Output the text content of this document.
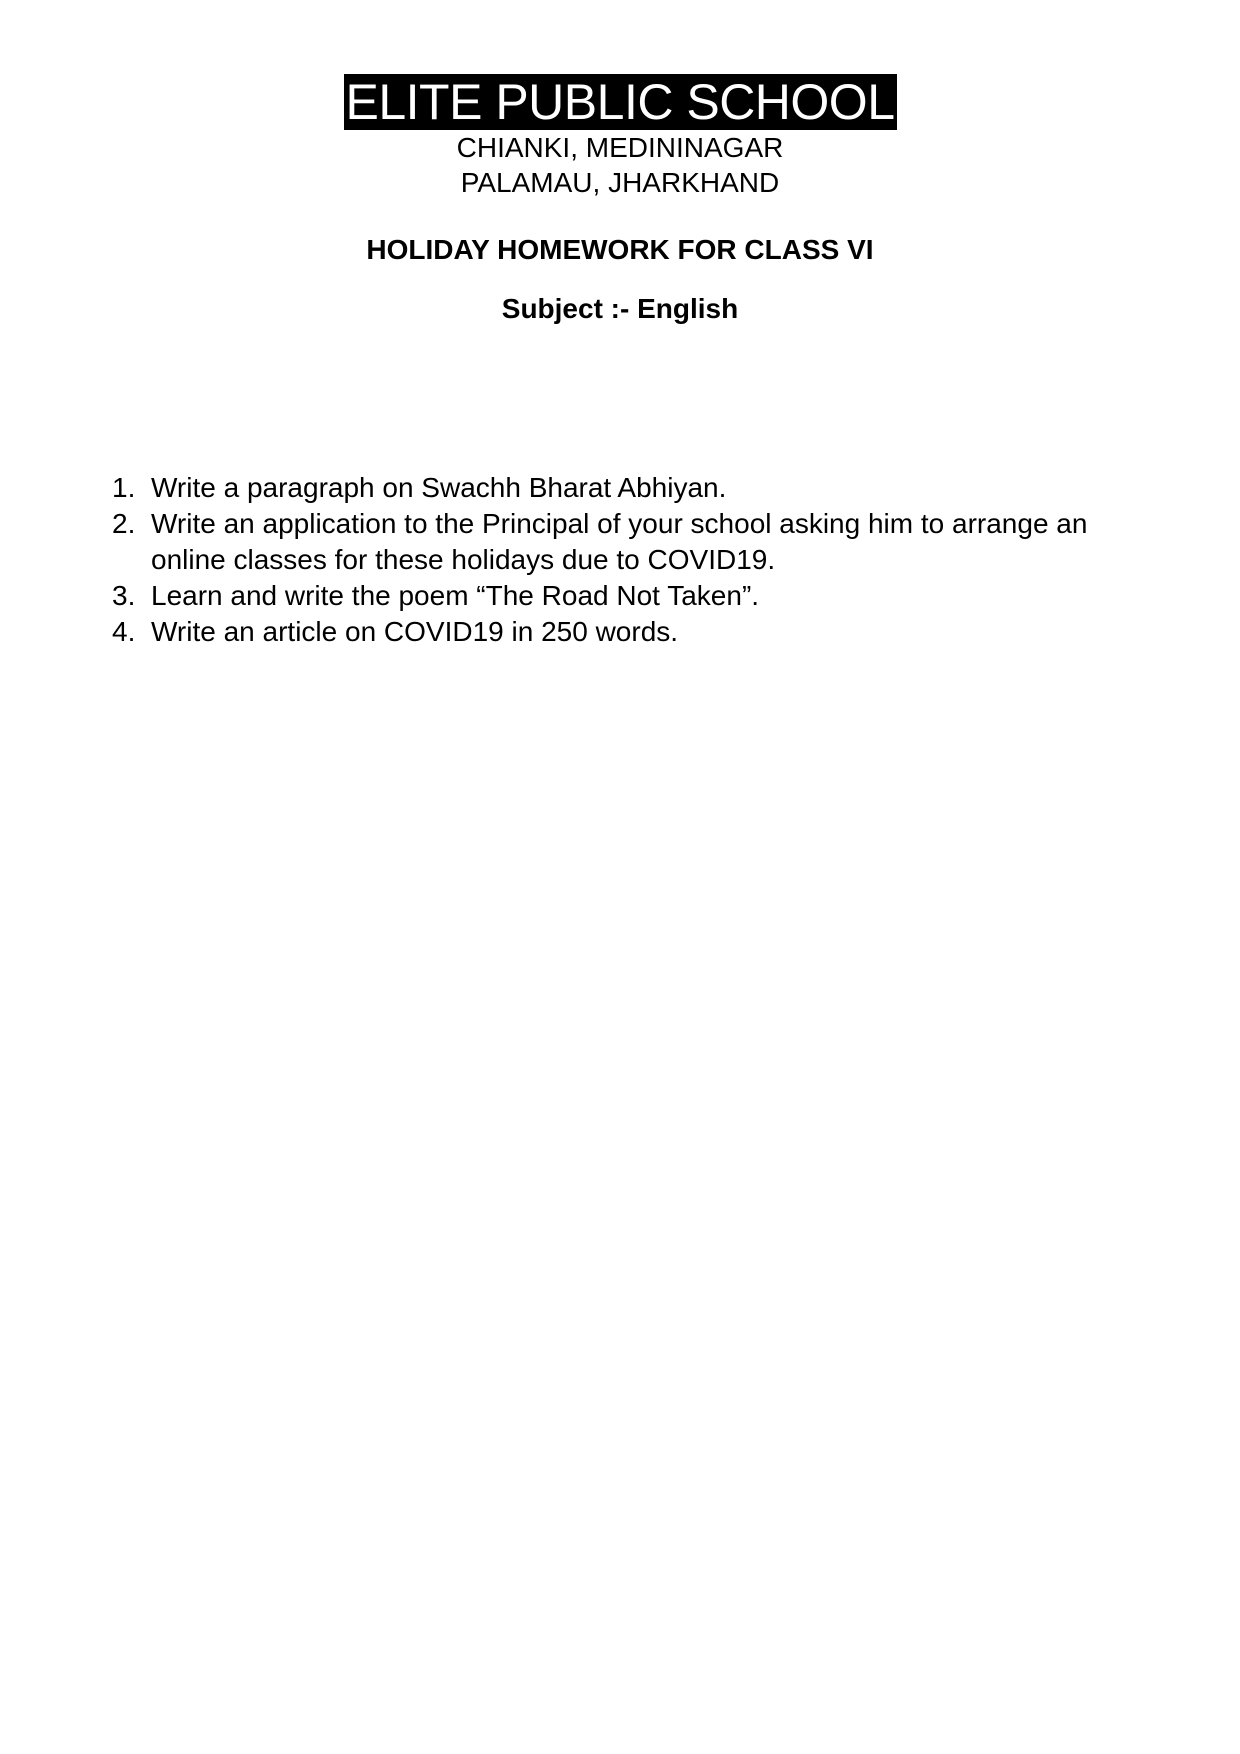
ELITE PUBLIC SCHOOL
CHIANKI, MEDININAGAR
PALAMAU, JHARKHAND
HOLIDAY HOMEWORK FOR CLASS VI
Subject :- English
1. Write a paragraph on Swachh Bharat Abhiyan.
2. Write an application to the Principal of your school asking him to arrange an online classes for these holidays due to COVID19.
3. Learn and write the poem “The Road Not Taken”.
4. Write an article on COVID19 in 250 words.
